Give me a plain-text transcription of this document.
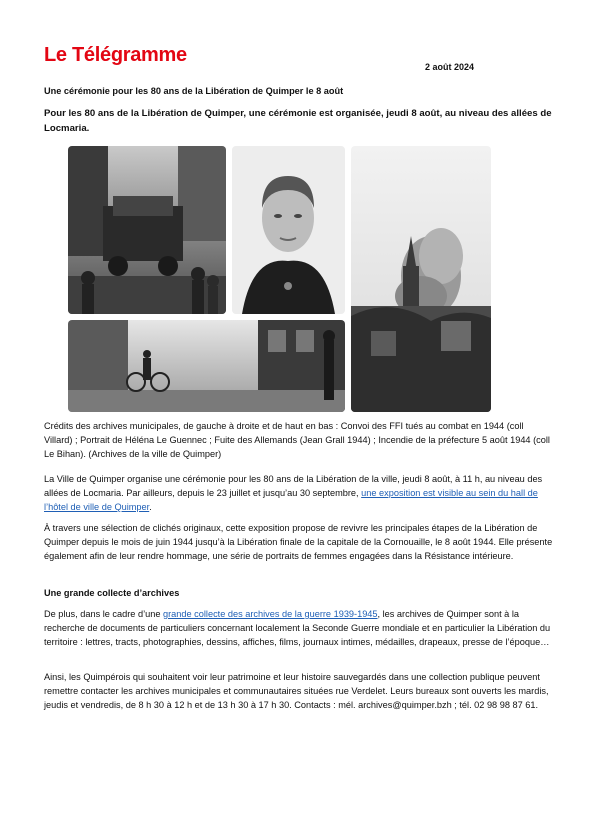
Le Télégramme
2 août 2024
Une cérémonie pour les 80 ans de la Libération de Quimper le 8 août
Pour les 80 ans de la Libération de Quimper, une cérémonie est organisée, jeudi 8 août, au niveau des allées de Locmaria.
Crédits des archives municipales, de gauche à droite et de haut en bas : Convoi des FFI tués au combat en 1944 (coll Villard) ; Portrait de Héléna Le Guennec ; Fuite des Allemands (Jean Grall 1944) ; Incendie de la préfecture 5 août 1944 (coll Le Bihan). (Archives de la ville de Quimper)
La Ville de Quimper organise une cérémonie pour les 80 ans de la Libération de la ville, jeudi 8 août, à 11 h, au niveau des allées de Locmaria. Par ailleurs, depuis le 23 juillet et jusqu’au 30 septembre, une exposition est visible au sein du hall de l’hôtel de ville de Quimper.
À travers une sélection de clichés originaux, cette exposition propose de revivre les principales étapes de la Libération de Quimper depuis le mois de juin 1944 jusqu’à la Libération finale de la capitale de la Cornouaille, le 8 août 1944. Elle présente également afin de leur rendre hommage, une série de portraits de femmes engagées dans la Résistance intérieure.
Une grande collecte d’archives
De plus, dans le cadre d’une grande collecte des archives de la guerre 1939-1945, les archives de Quimper sont à la recherche de documents de particuliers concernant localement la Seconde Guerre mondiale et en particulier la Libération du territoire : lettres, tracts, photographies, dessins, affiches, films, journaux intimes, médailles, drapeaux, presse de l’époque…
Ainsi, les Quimpérois qui souhaitent voir leur patrimoine et leur histoire sauvegardés dans une collection publique peuvent remettre contacter les archives municipales et communautaires situées rue Verdelet. Leurs bureaux sont ouverts les mardis, jeudis et vendredis, de 8 h 30 à 12 h et de 13 h 30 à 17 h 30. Contacts : mél. archives@quimper.bzh ; tél. 02 98 98 87 61.
